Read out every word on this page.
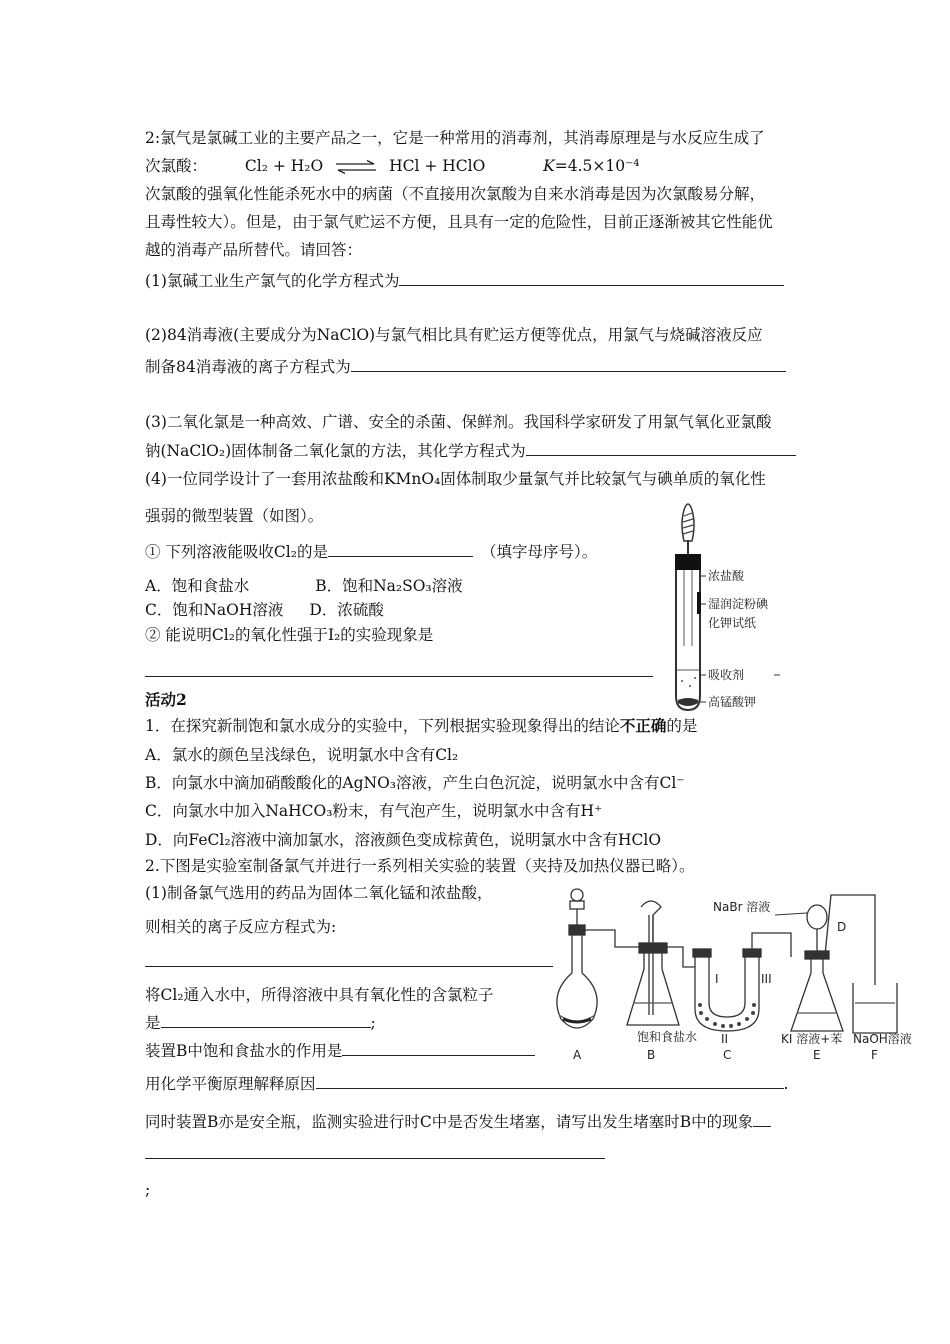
2:氯气是氯碱工业的主要产品之一，它是一种常用的消毒剂，其消毒原理是与水反应生成了
次氯酸： Cl₂ + H₂O ⇌ HCl + HClO	K=4.5×10⁻⁴
次氯酸的强氧化性能杀死水中的病菌（不直接用次氯酸为自来水消毒是因为次氯酸易分解，
且毒性较大）。但是，由于氯气贮运不方便，且具有一定的危险性，目前正逐渐被其它性能优
越的消毒产品所替代。请回答：
(1)氯碱工业生产氯气的化学方程式为
(2)84消毒液(主要成分为NaClO)与氯气相比具有贮运方便等优点，用氯气与烧碱溶液反应
制备84消毒液的离子方程式为
(3)二氧化氯是一种高效、广谱、安全的杀菌、保鲜剂。我国科学家研发了用氯气氧化亚氯酸
钠(NaClO₂)固体制备二氧化氯的方法，其化学方程式为
(4)一位同学设计了一套用浓盐酸和KMnO₄固体制取少量氯气并比较氯气与碘单质的氧化性
强弱的微型装置（如图）。
① 下列溶液能吸收Cl₂的是	（填字母序号）。
A．饱和食盐水	B．饱和Na₂SO₃溶液
C．饱和NaOH溶液 D．浓硫酸
② 能说明Cl₂的氧化性强于I₂的实验现象是
浓盐酸
湿润淀粉碘
化钾试纸
吸收剂
高锰酸钾
活动2
1．在探究新制饱和氯水成分的实验中，下列根据实验现象得出的结论不正确的是
A．氯水的颜色呈浅绿色，说明氯水中含有Cl₂
B．向氯水中滴加硝酸酸化的AgNO₃溶液，产生白色沉淀，说明氯水中含有Cl⁻
C．向氯水中加入NaHCO₃粉末，有气泡产生，说明氯水中含有H⁺
D．向FeCl₂溶液中滴加氯水，溶液颜色变成棕黄色，说明氯水中含有HClO
2.下图是实验室制备氯气并进行一系列相关实验的装置（夹持及加热仪器已略）。
(1)制备氯气选用的药品为固体二氧化锰和浓盐酸，
则相关的离子反应方程式为:
将Cl₂通入水中，所得溶液中具有氧化性的含氯粒子
是	;
装置B中饱和食盐水的作用是
用化学平衡原理解释原因	.
同时装置B亦是安全瓶，监测实验进行时C中是否发生堵塞，请写出发生堵塞时B中的现象
;
NaBr 溶液
D
I
II
III
饱和食盐水	KI 溶液+苯 NaOH溶液
A	B	C	E	F
